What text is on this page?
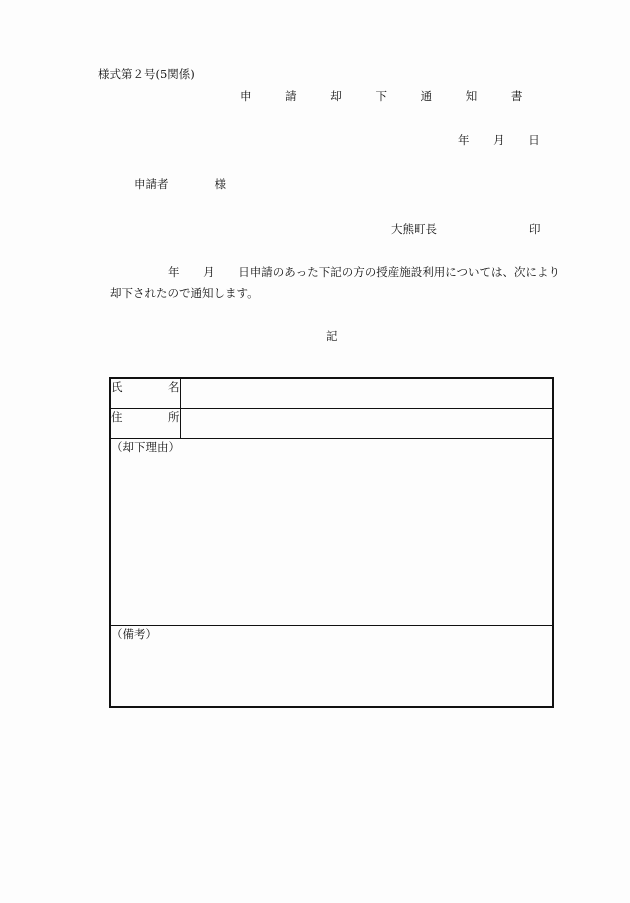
様式第２号(5関係)
申 請 却 下 通 知 書
年 月 日
申請者	様
大熊町長	印
年 月 日申請のあった下記の方の授産施設利用については、次により
却下されたので通知します。
記
氏 名	

住 所	

（却下理由）	
（備考）	
